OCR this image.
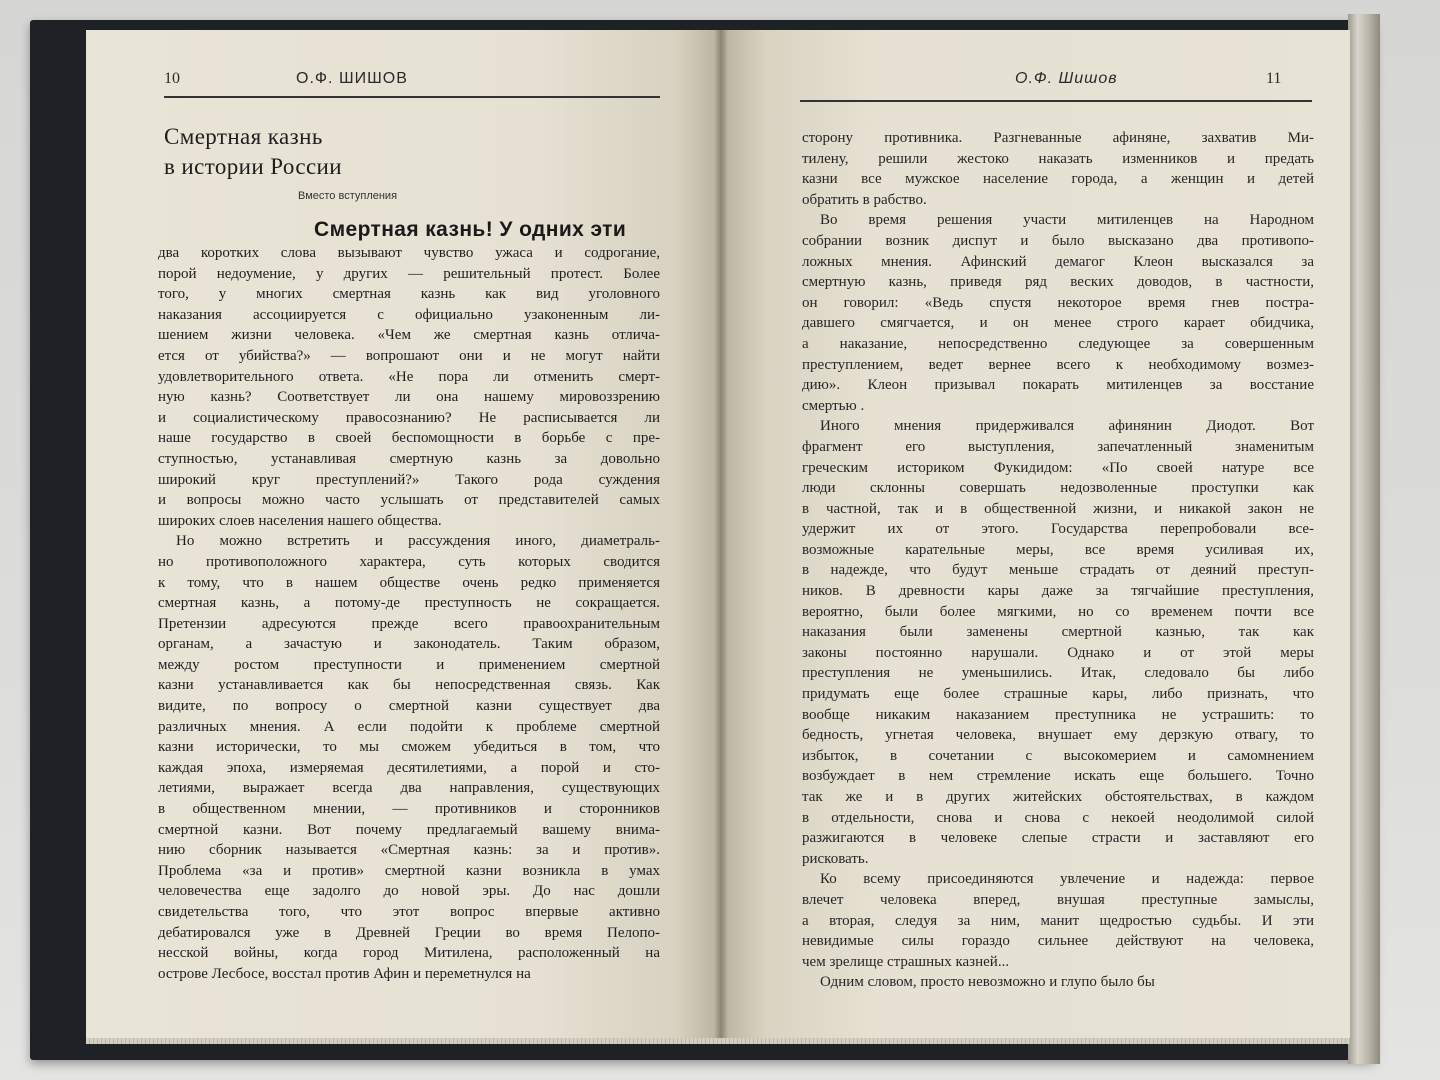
10	О.Ф. ШИШОВ
Смертная казнь
в истории России
Вместо вступления
Смертная казнь! У одних эти
два коротких слова вызывают чувство ужаса и содрогание,
порой недоумение, у других — решительный протест. Более
того, у многих смертная казнь как вид уголовного
наказания ассоциируется с официально узаконенным ли-
шением жизни человека. «Чем же смертная казнь отлича-
ется от убийства?» — вопрошают они и не могут найти
удовлетворительного ответа. «Не пора ли отменить смерт-
ную казнь? Соответствует ли она нашему мировоззрению
и социалистическому правосознанию? Не расписывается ли
наше государство в своей беспомощности в борьбе с пре-
ступностью, устанавливая смертную казнь за довольно
широкий круг преступлений?» Такого рода суждения
и вопросы можно часто услышать от представителей самых
широких слоев населения нашего общества.
Но можно встретить и рассуждения иного, диаметраль-
но противоположного характера, суть которых сводится
к тому, что в нашем обществе очень редко применяется
смертная казнь, а потому-де преступность не сокращается.
Претензии адресуются прежде всего правоохранительным
органам, а зачастую и законодатель. Таким образом,
между ростом преступности и применением смертной
казни устанавливается как бы непосредственная связь. Как
видите, по вопросу о смертной казни существует два
различных мнения. А если подойти к проблеме смертной
казни исторически, то мы сможем убедиться в том, что
каждая эпоха, измеряемая десятилетиями, а порой и сто-
летиями, выражает всегда два направления, существующих
в общественном мнении, — противников и сторонников
смертной казни. Вот почему предлагаемый вашему внима-
нию сборник называется «Смертная казнь: за и против».
Проблема «за и против» смертной казни возникла в умах
человечества еще задолго до новой эры. До нас дошли
свидетельства того, что этот вопрос впервые активно
дебатировался уже в Древней Греции во время Пелопо-
несской войны, когда город Митилена, расположенный на
острове Лесбосе, восстал против Афин и переметнулся на
О.Ф. Шишов	11
сторону противника. Разгневанные афиняне, захватив Ми-
тилену, решили жестоко наказать изменников и предать
казни все мужское население города, а женщин и детей
обратить в рабство.
Во время решения участи митиленцев на Народном
собрании возник диспут и было высказано два противопо-
ложных мнения. Афинский демагог Клеон высказался за
смертную казнь, приведя ряд веских доводов, в частности,
он говорил: «Ведь спустя некоторое время гнев постра-
давшего смягчается, и он менее строго карает обидчика,
а наказание, непосредственно следующее за совершенным
преступлением, ведет вернее всего к необходимому возмез-
дию». Клеон призывал покарать митиленцев за восстание
смертью .
Иного мнения придерживался афинянин Диодот. Вот
фрагмент его выступления, запечатленный знаменитым
греческим историком Фукидидом: «По своей натуре все
люди склонны совершать недозволенные проступки как
в частной, так и в общественной жизни, и никакой закон не
удержит их от этого. Государства перепробовали все-
возможные карательные меры, все время усиливая их,
в надежде, что будут меньше страдать от деяний преступ-
ников. В древности кары даже за тягчайшие преступления,
вероятно, были более мягкими, но со временем почти все
наказания были заменены смертной казнью, так как
законы постоянно нарушали. Однако и от этой меры
преступления не уменьшились. Итак, следовало бы либо
придумать еще более страшные кары, либо признать, что
вообще никаким наказанием преступника не устрашить: то
бедность, угнетая человека, внушает ему дерзкую отвагу, то
избыток, в сочетании с высокомерием и самомнением
возбуждает в нем стремление искать еще большего. Точно
так же и в других житейских обстоятельствах, в каждом
в отдельности, снова и снова с некоей неодолимой силой
разжигаются в человеке слепые страсти и заставляют его
рисковать.
Ко всему присоединяются увлечение и надежда: первое
влечет человека вперед, внушая преступные замыслы,
а вторая, следуя за ним, манит щедростью судьбы. И эти
невидимые силы гораздо сильнее действуют на человека,
чем зрелище страшных казней...
Одним словом, просто невозможно и глупо было бы
